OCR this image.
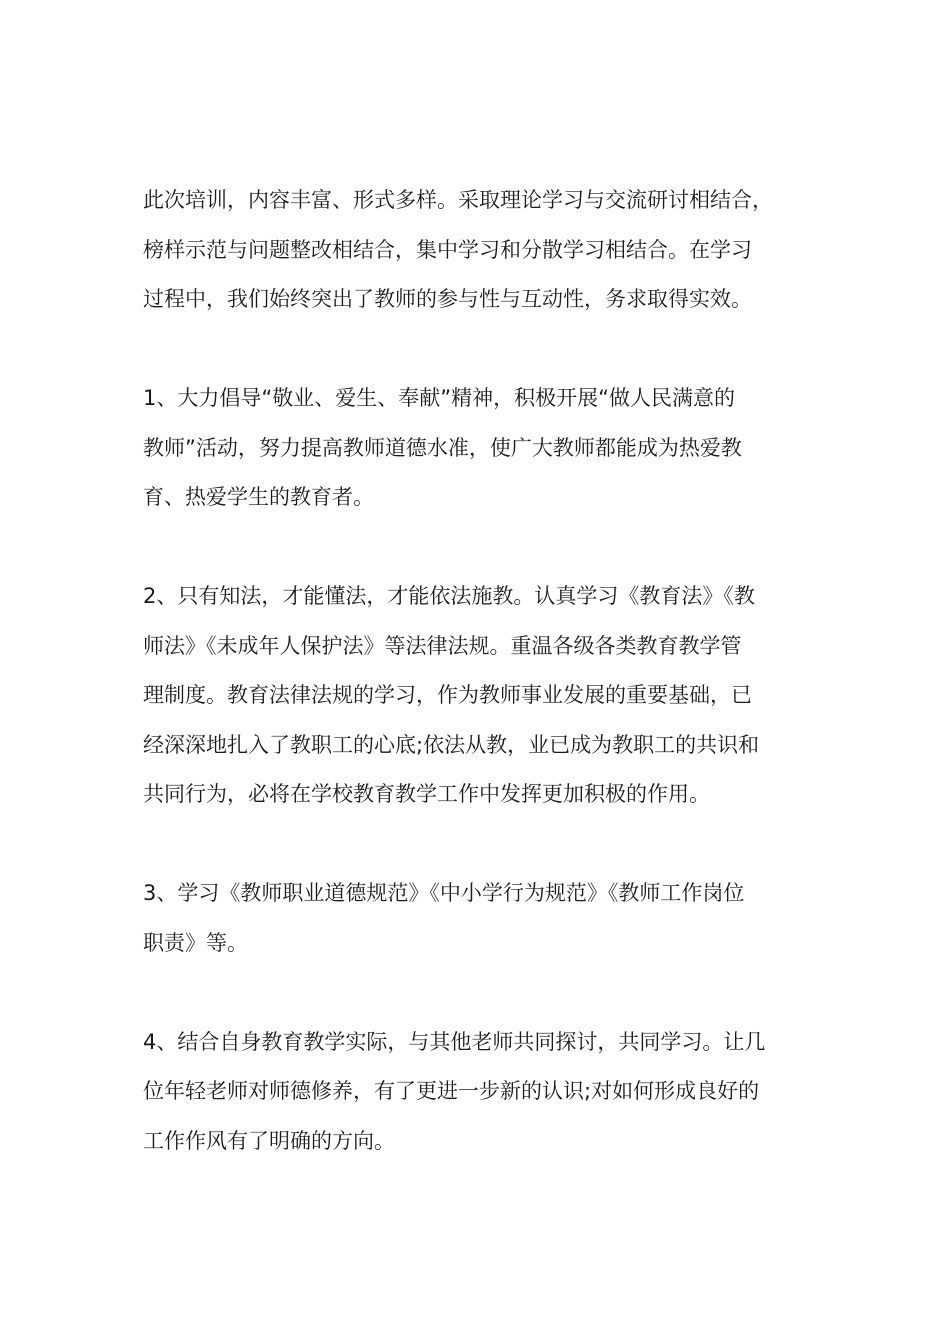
此次培训，内容丰富、形式多样。采取理论学习与交流研讨相结合，
榜样示范与问题整改相结合，集中学习和分散学习相结合。在学习
过程中，我们始终突出了教师的参与性与互动性，务求取得实效。

1、大力倡导“敬业、爱生、奉献”精神，积极开展“做人民满意的
教师”活动，努力提高教师道德水准，使广大教师都能成为热爱教
育、热爱学生的教育者。

2、只有知法，才能懂法，才能依法施教。认真学习《教育法》《教
师法》《未成年人保护法》等法律法规。重温各级各类教育教学管
理制度。教育法律法规的学习，作为教师事业发展的重要基础，已
经深深地扎入了教职工的心底;依法从教，业已成为教职工的共识和
共同行为，必将在学校教育教学工作中发挥更加积极的作用。

3、学习《教师职业道德规范》《中小学行为规范》《教师工作岗位
职责》等。

4、结合自身教育教学实际，与其他老师共同探讨，共同学习。让几
位年轻老师对师德修养，有了更进一步新的认识;对如何形成良好的
工作作风有了明确的方向。
